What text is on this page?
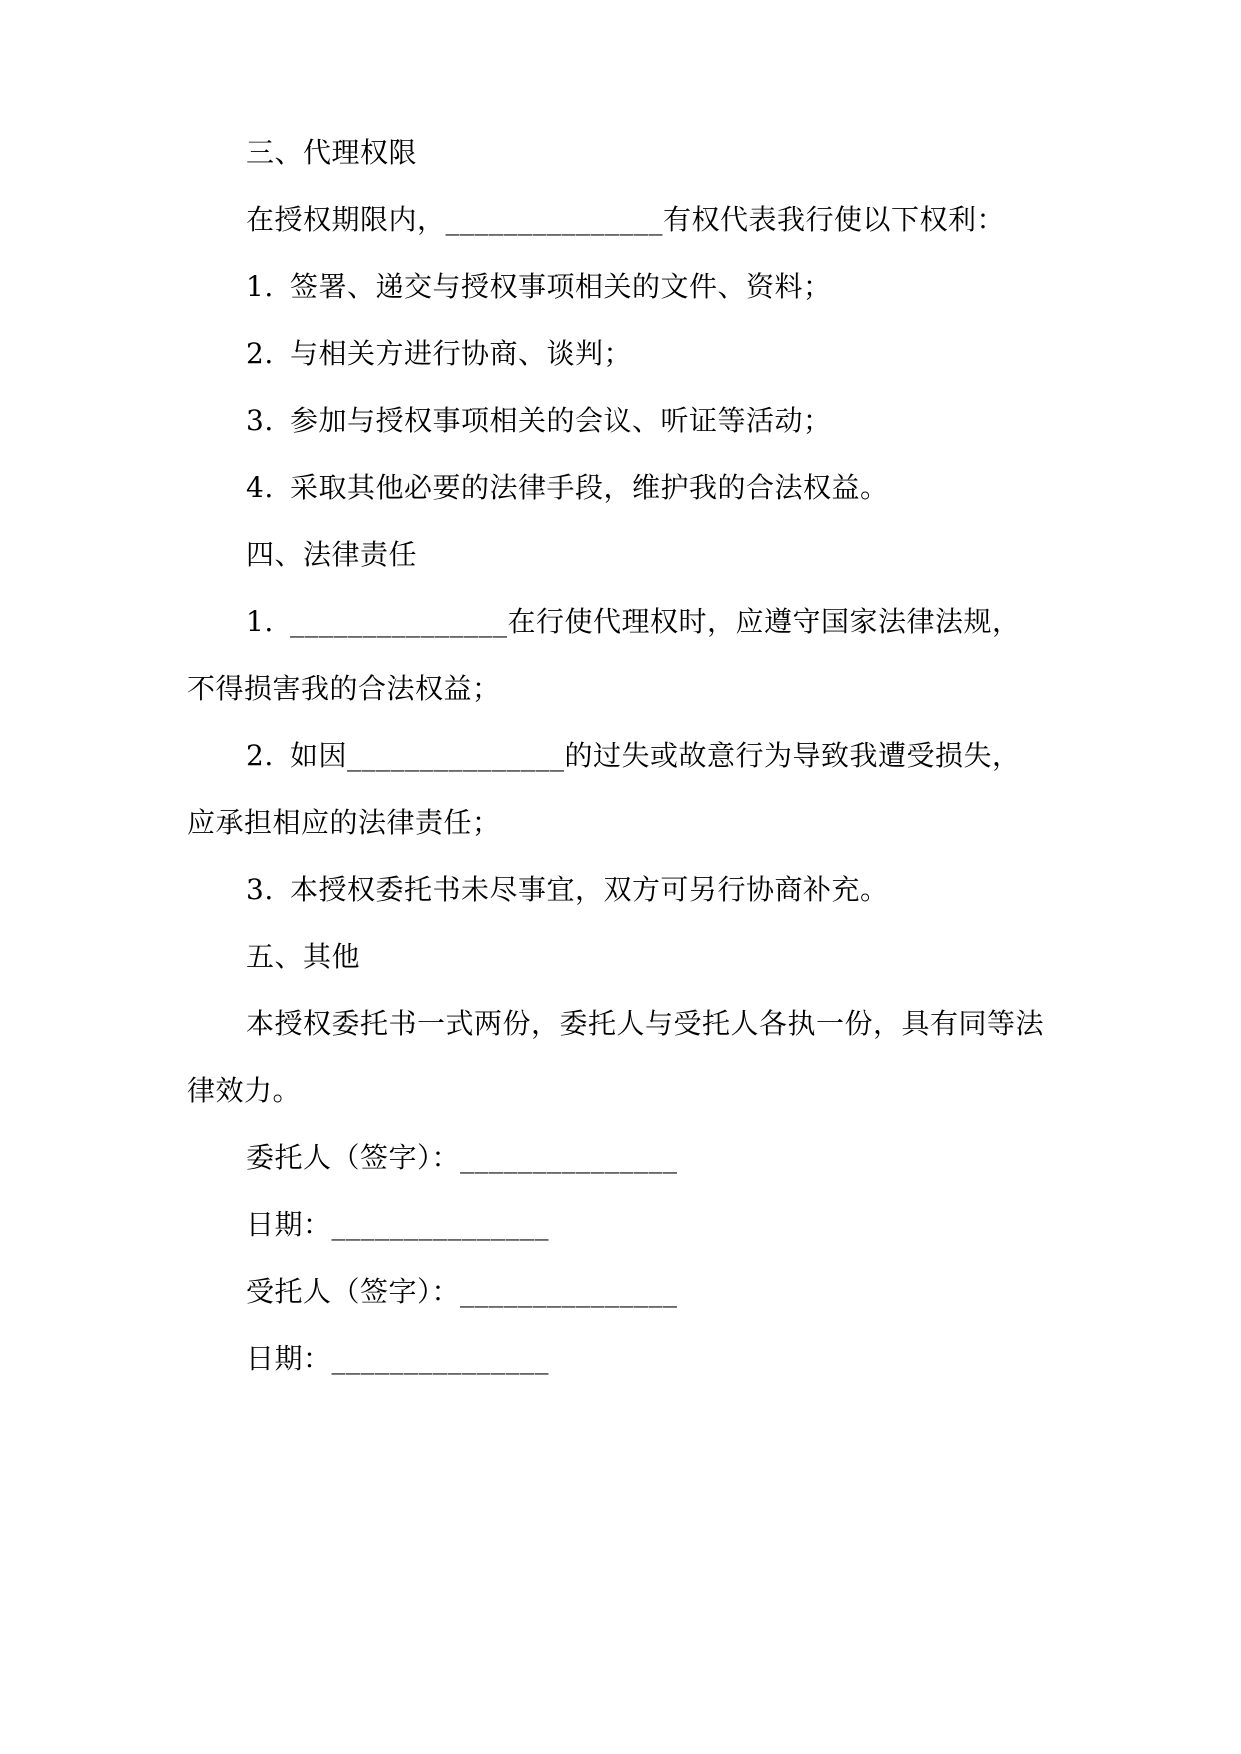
三、代理权限
在授权期限内，_______________有权代表我行使以下权利：
1. 签署、递交与授权事项相关的文件、资料；
2. 与相关方进行协商、谈判；
3. 参加与授权事项相关的会议、听证等活动；
4. 采取其他必要的法律手段，维护我的合法权益。
四、法律责任
1. _______________在行使代理权时，应遵守国家法律法规，
不得损害我的合法权益；
2. 如因_______________的过失或故意行为导致我遭受损失，
应承担相应的法律责任；
3. 本授权委托书未尽事宜，双方可另行协商补充。
五、其他
本授权委托书一式两份，委托人与受托人各执一份，具有同等法
律效力。
委托人（签字）：_______________
日期：_______________
受托人（签字）：_______________
日期：_______________
